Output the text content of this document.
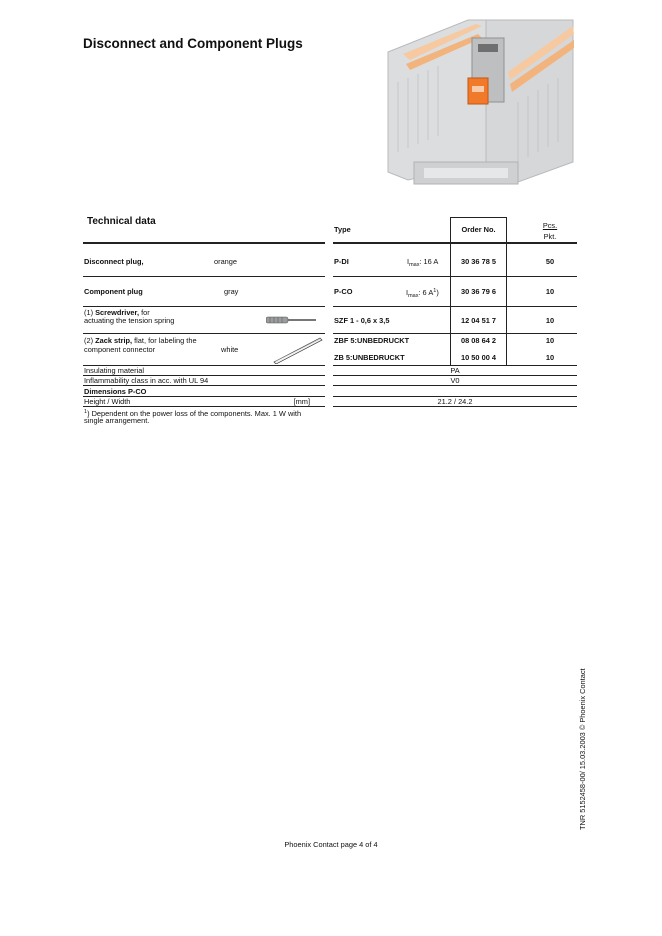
Disconnect and Component Plugs
Technical data
Type	Order No.	Pcs.
Pkt.
Disconnect plug,	orange	P-DI	$I_{max}$: 16 A	30 36 78 5	50
Component plug	gray	P-CO	$I_{max}$: 6 $A^1$)	30 36 79 6	10
(1) Screwdriver, for
actuating the tension spring	SZF 1 - 0,6 x 3,5	12 04 51 7	10
(2) Zack strip, flat, for labeling the
component connector	white
ZBF 5:UNBEDRUCKT	08 08 64 2	10
ZB 5:UNBEDRUCKT	10 50 00 4	10
Insulating material	PA
Inflammability class in acc. with UL 94	V0
Dimensions P-CO
Height / Width	[mm]	21.2 / 24.2
$^1$) Dependent on the power loss of the components. Max. 1 W with
single arrangement.
TNR 5152458-00/ 15.03.2003 © Phoenix Contact
Phoenix Contact page 4 of 4
